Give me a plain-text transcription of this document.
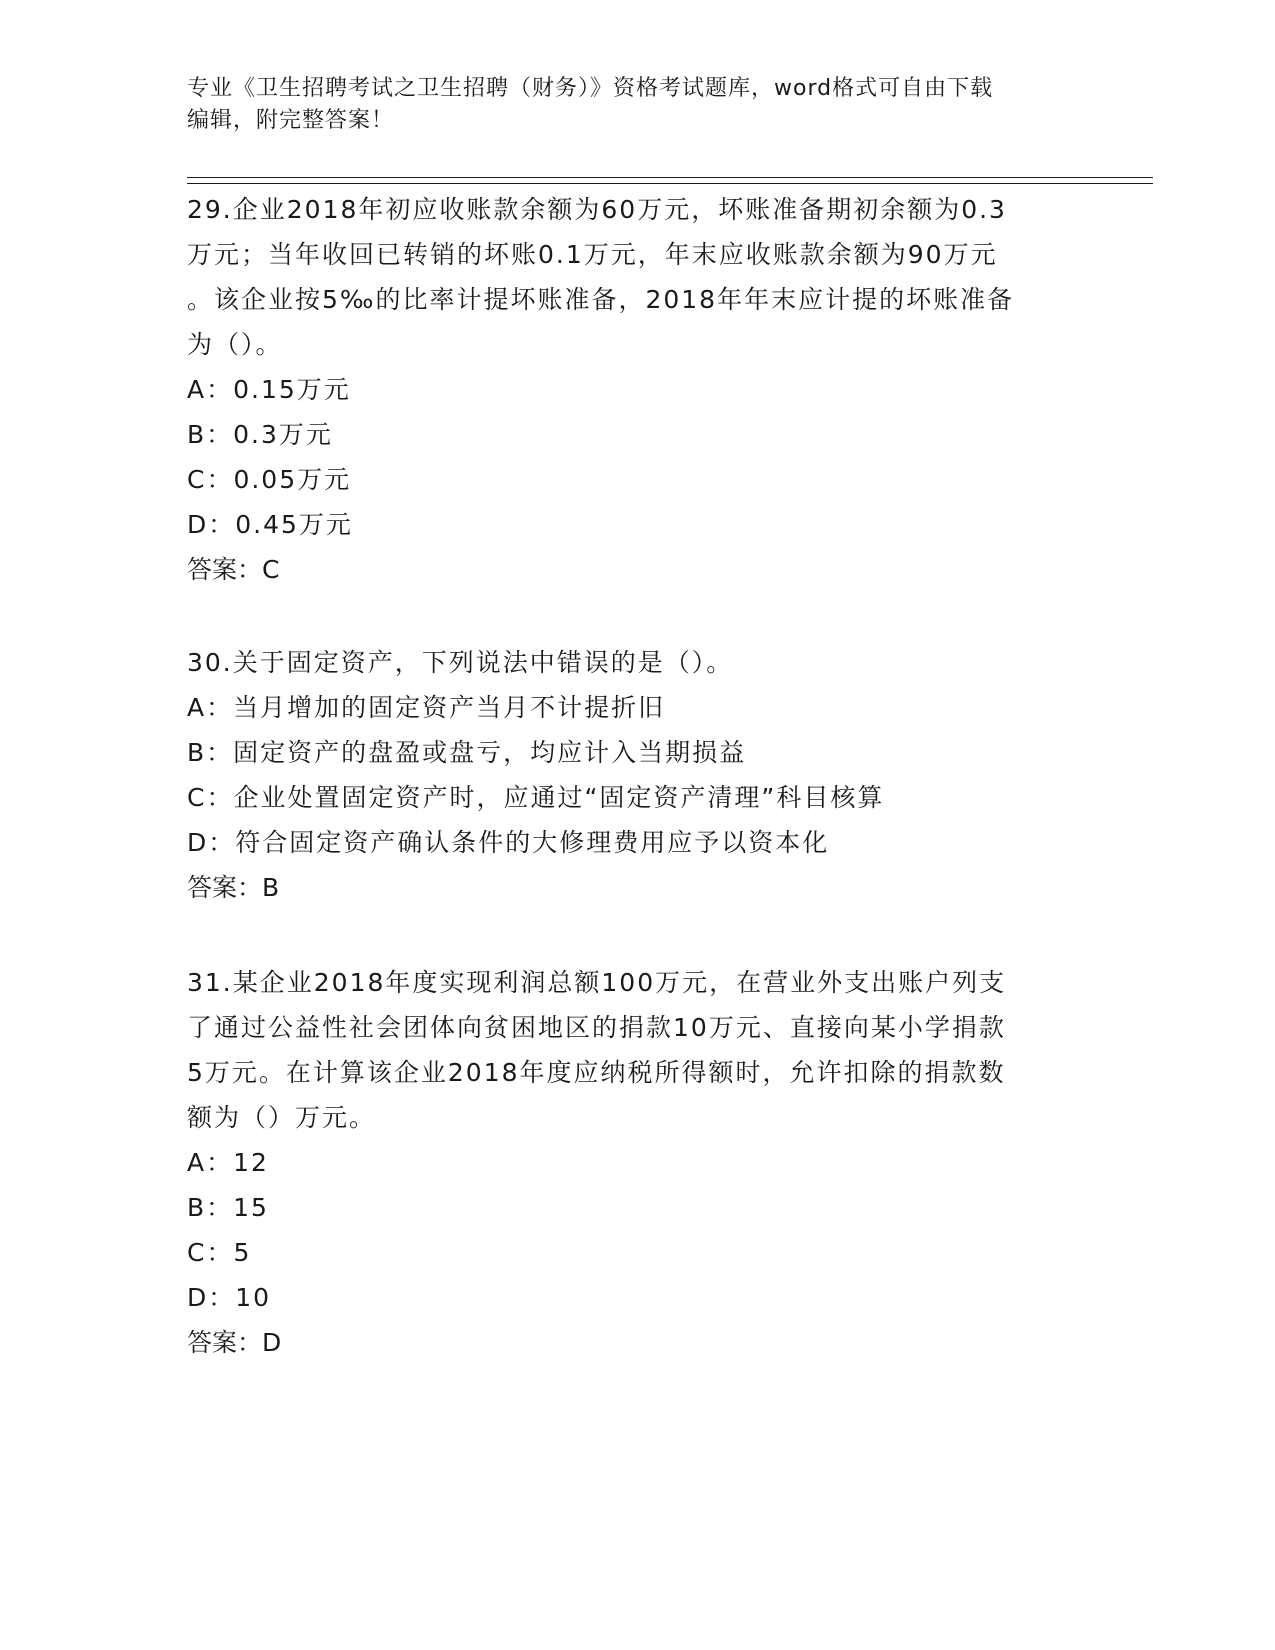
专业《卫生招聘考试之卫生招聘（财务）》资格考试题库，word格式可自由下载
编辑，附完整答案！

29.企业2018年初应收账款余额为60万元，坏账准备期初余额为0.3

万元；当年收回已转销的坏账0.1万元，年末应收账款余额为90万元

。该企业按5‰的比率计提坏账准备，2018年年末应计提的坏账准备

为（）。

A：0.15万元

B：0.3万元

C：0.05万元

D：0.45万元

答案：C

30.关于固定资产，下列说法中错误的是（）。

A：当月增加的固定资产当月不计提折旧

B：固定资产的盘盈或盘亏，均应计入当期损益

C：企业处置固定资产时，应通过“固定资产清理”科目核算

D：符合固定资产确认条件的大修理费用应予以资本化

答案：B

31.某企业2018年度实现利润总额100万元，在营业外支出账户列支

了通过公益性社会团体向贫困地区的捐款10万元、直接向某小学捐款

5万元。在计算该企业2018年度应纳税所得额时，允许扣除的捐款数

额为（）万元。

A：12

B：15

C：5

D：10

答案：D
